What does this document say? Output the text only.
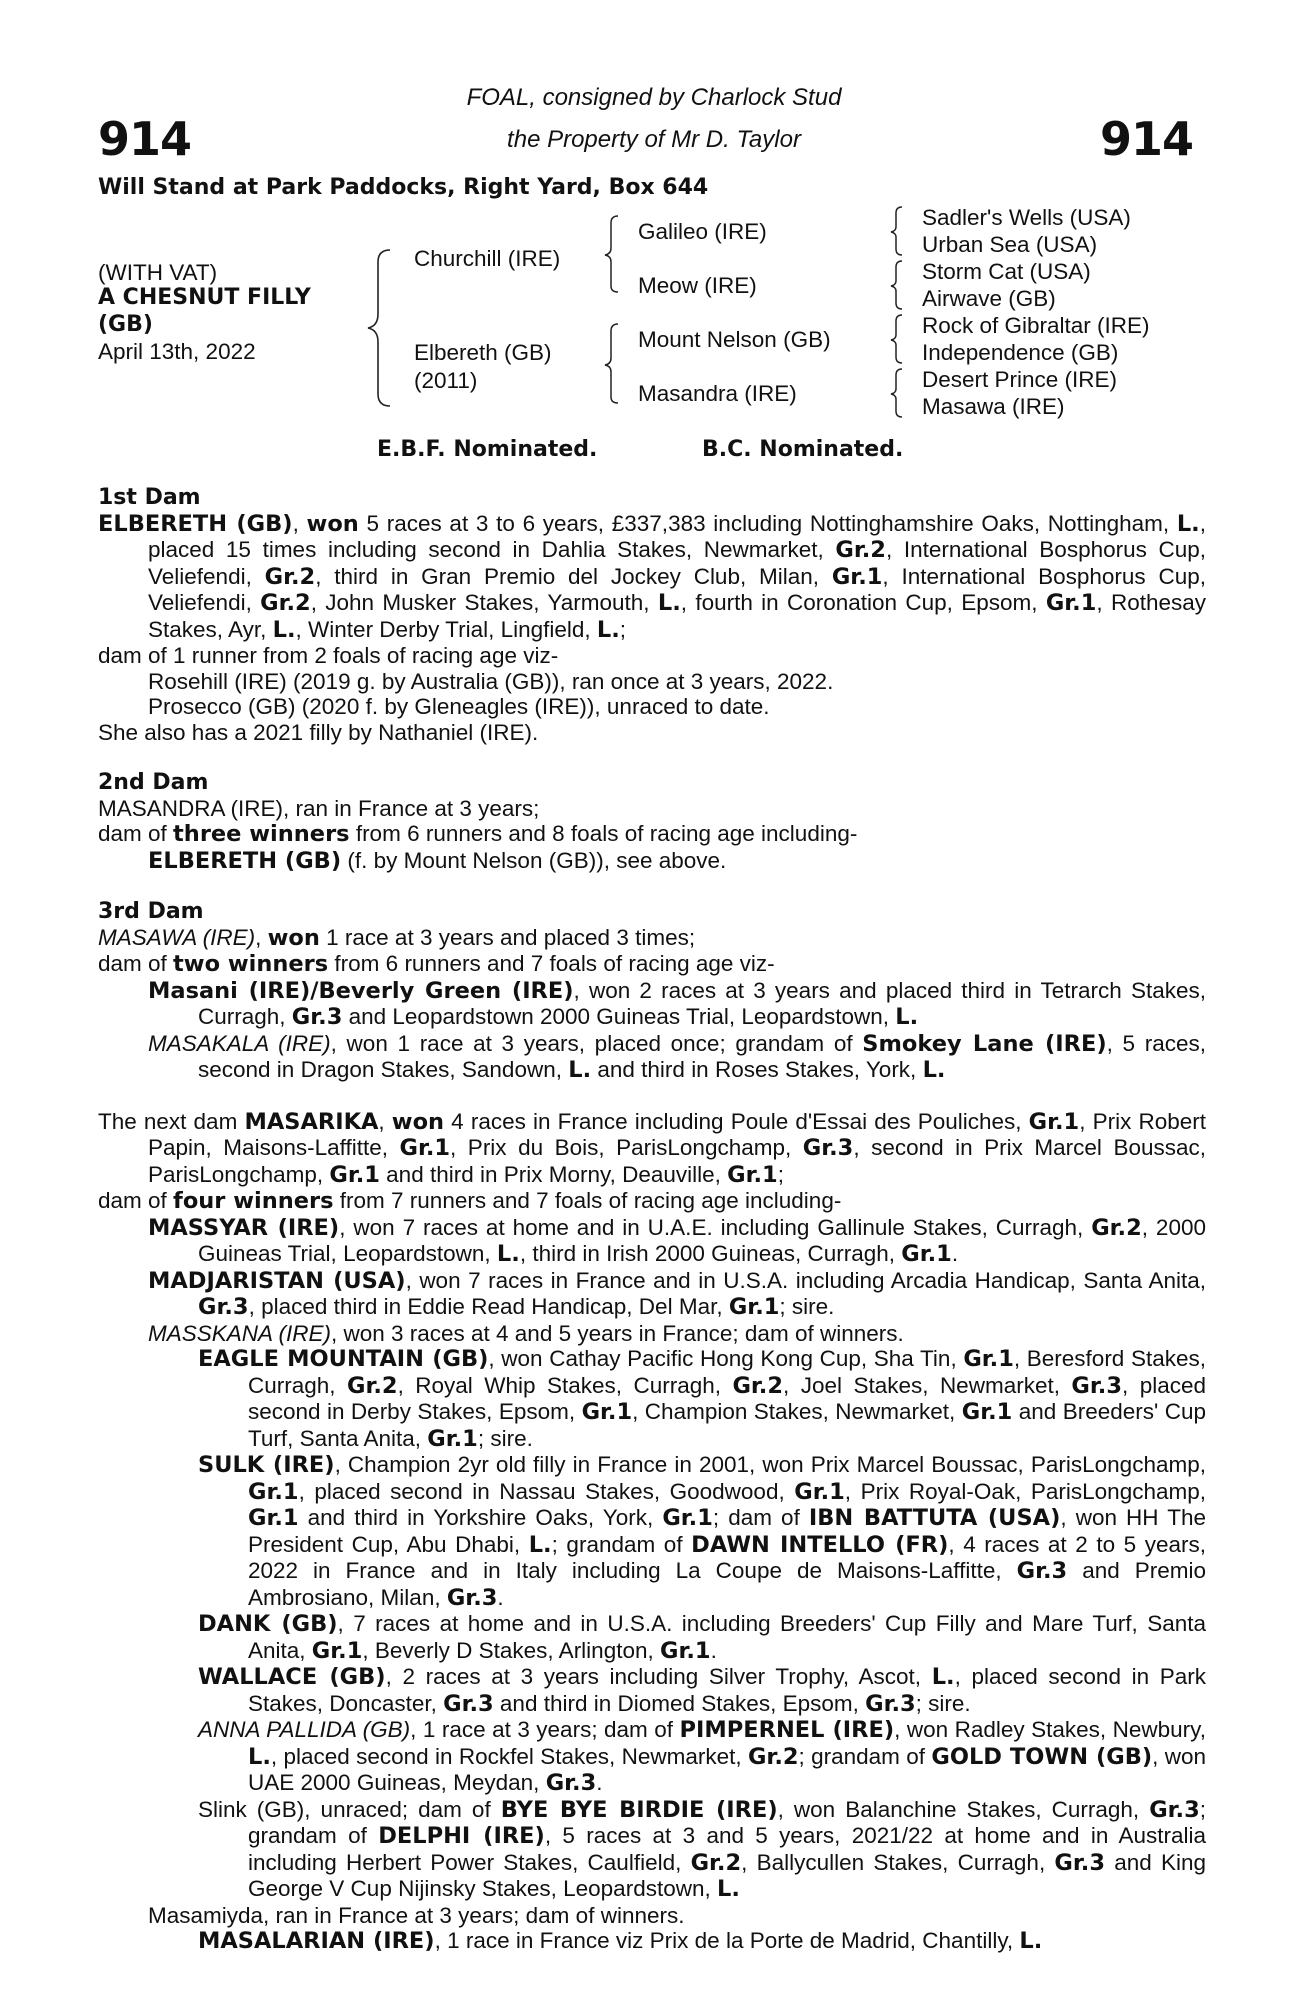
914	914
FOAL, consigned by Charlock Stud
the Property of Mr D. Taylor
Will Stand at Park Paddocks, Right Yard, Box 644
(WITH VAT)
A CHESNUT FILLY
(GB)
April 13th, 2022
Churchill (IRE)
Elbereth (GB)
(2011)
Galileo (IRE)
Meow (IRE)
Mount Nelson (GB)
Masandra (IRE)
Sadler's Wells (USA)
Urban Sea (USA)
Storm Cat (USA)
Airwave (GB)
Rock of Gibraltar (IRE)
Independence (GB)
Desert Prince (IRE)
Masawa (IRE)
E.B.F. Nominated.	B.C. Nominated.
1st Dam

ELBERETH (GB), won 5 races at 3 to 6 years, £337,383 including Nottinghamshire Oaks, Nottingham, L., placed 15 times including second in Dahlia Stakes, Newmarket, Gr.2, International Bosphorus Cup, Veliefendi, Gr.2, third in Gran Premio del Jockey Club, Milan, Gr.1, International Bosphorus Cup, Veliefendi, Gr.2, John Musker Stakes, Yarmouth, L., fourth in Coronation Cup, Epsom, Gr.1, Rothesay Stakes, Ayr, L., Winter Derby Trial, Lingfield, L.;

dam of 1 runner from 2 foals of racing age viz-
Rosehill (IRE) (2019 g. by Australia (GB)), ran once at 3 years, 2022.
Prosecco (GB) (2020 f. by Gleneagles (IRE)), unraced to date.
She also has a 2021 filly by Nathaniel (IRE).
2nd Dam
MASANDRA (IRE), ran in France at 3 years;
dam of three winners from 6 runners and 8 foals of racing age including-
ELBERETH (GB) (f. by Mount Nelson (GB)), see above.
3rd Dam
MASAWA (IRE), won 1 race at 3 years and placed 3 times;
dam of two winners from 6 runners and 7 foals of racing age viz-

Masani (IRE)/Beverly Green (IRE), won 2 races at 3 years and placed third in Tetrarch Stakes, Curragh, Gr.3 and Leopardstown 2000 Guineas Trial, Leopardstown, L.

MASAKALA (IRE), won 1 race at 3 years, placed once; grandam of Smokey Lane (IRE), 5 races, second in Dragon Stakes, Sandown, L. and third in Roses Stakes, York, L.

The next dam MASARIKA, won 4 races in France including Poule d'Essai des Pouliches, Gr.1, Prix Robert Papin, Maisons-Laffitte, Gr.1, Prix du Bois, ParisLongchamp, Gr.3, second in Prix Marcel Boussac, ParisLongchamp, Gr.1 and third in Prix Morny, Deauville, Gr.1;

dam of four winners from 7 runners and 7 foals of racing age including-

MASSYAR (IRE), won 7 races at home and in U.A.E. including Gallinule Stakes, Curragh, Gr.2, 2000 Guineas Trial, Leopardstown, L., third in Irish 2000 Guineas, Curragh, Gr.1.

MADJARISTAN (USA), won 7 races in France and in U.S.A. including Arcadia Handicap, Santa Anita, Gr.3, placed third in Eddie Read Handicap, Del Mar, Gr.1; sire.

MASSKANA (IRE), won 3 races at 4 and 5 years in France; dam of winners.

EAGLE MOUNTAIN (GB), won Cathay Pacific Hong Kong Cup, Sha Tin, Gr.1, Beresford Stakes, Curragh, Gr.2, Royal Whip Stakes, Curragh, Gr.2, Joel Stakes, Newmarket, Gr.3, placed second in Derby Stakes, Epsom, Gr.1, Champion Stakes, Newmarket, Gr.1 and Breeders' Cup Turf, Santa Anita, Gr.1; sire.

SULK (IRE), Champion 2yr old filly in France in 2001, won Prix Marcel Boussac, ParisLongchamp, Gr.1, placed second in Nassau Stakes, Goodwood, Gr.1, Prix Royal-Oak, ParisLongchamp, Gr.1 and third in Yorkshire Oaks, York, Gr.1; dam of IBN BATTUTA (USA), won HH The President Cup, Abu Dhabi, L.; grandam of DAWN INTELLO (FR), 4 races at 2 to 5 years, 2022 in France and in Italy including La Coupe de Maisons-Laffitte, Gr.3 and Premio Ambrosiano, Milan, Gr.3.

DANK (GB), 7 races at home and in U.S.A. including Breeders' Cup Filly and Mare Turf, Santa Anita, Gr.1, Beverly D Stakes, Arlington, Gr.1.

WALLACE (GB), 2 races at 3 years including Silver Trophy, Ascot, L., placed second in Park Stakes, Doncaster, Gr.3 and third in Diomed Stakes, Epsom, Gr.3; sire.

ANNA PALLIDA (GB), 1 race at 3 years; dam of PIMPERNEL (IRE), won Radley Stakes, Newbury, L., placed second in Rockfel Stakes, Newmarket, Gr.2; grandam of GOLD TOWN (GB), won UAE 2000 Guineas, Meydan, Gr.3.

Slink (GB), unraced; dam of BYE BYE BIRDIE (IRE), won Balanchine Stakes, Curragh, Gr.3; grandam of DELPHI (IRE), 5 races at 3 and 5 years, 2021/22 at home and in Australia including Herbert Power Stakes, Caulfield, Gr.2, Ballycullen Stakes, Curragh, Gr.3 and King George V Cup Nijinsky Stakes, Leopardstown, L.

Masamiyda, ran in France at 3 years; dam of winners.

MASALARIAN (IRE), 1 race in France viz Prix de la Porte de Madrid, Chantilly, L.
